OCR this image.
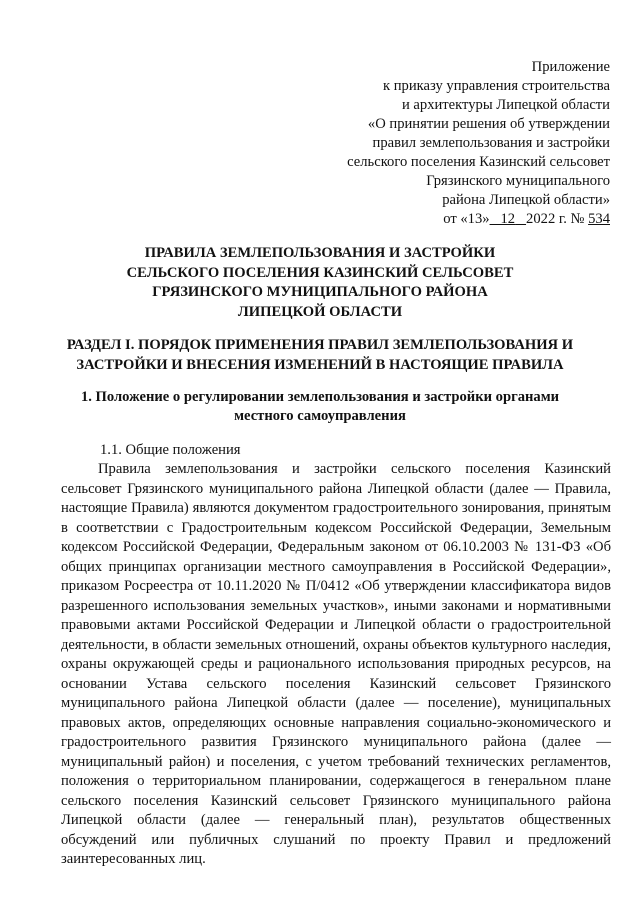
Приложение
к приказу управления строительства
и архитектуры Липецкой области
«О принятии решения об утверждении
правил землепользования и застройки
сельского поселения Казинский сельсовет
Грязинского муниципального
района Липецкой области»
от «13» 12 2022 г. № 534
ПРАВИЛА ЗЕМЛЕПОЛЬЗОВАНИЯ И ЗАСТРОЙКИ
СЕЛЬСКОГО ПОСЕЛЕНИЯ КАЗИНСКИЙ СЕЛЬСОВЕТ
ГРЯЗИНСКОГО МУНИЦИПАЛЬНОГО РАЙОНА
ЛИПЕЦКОЙ ОБЛАСТИ
РАЗДЕЛ I. ПОРЯДОК ПРИМЕНЕНИЯ ПРАВИЛ ЗЕМЛЕПОЛЬЗОВАНИЯ И
ЗАСТРОЙКИ И ВНЕСЕНИЯ ИЗМЕНЕНИЙ В НАСТОЯЩИЕ ПРАВИЛА
1. Положение о регулировании землепользования и застройки органами местного самоуправления
1.1. Общие положения
Правила землепользования и застройки сельского поселения Казинский сельсовет Грязинского муниципального района Липецкой области (далее — Правила, настоящие Правила) являются документом градостроительного зонирования, принятым в соответствии с Градостроительным кодексом Российской Федерации, Земельным кодексом Российской Федерации, Федеральным законом от 06.10.2003 № 131-ФЗ «Об общих принципах организации местного самоуправления в Российской Федерации», приказом Росреестра от 10.11.2020 № П/0412 «Об утверждении классификатора видов разрешенного использования земельных участков», иными законами и нормативными правовыми актами Российской Федерации и Липецкой области о градостроительной деятельности, в области земельных отношений, охраны объектов культурного наследия, охраны окружающей среды и рационального использования природных ресурсов, на основании Устава сельского поселения Казинский сельсовет Грязинского муниципального района Липецкой области (далее — поселение), муниципальных правовых актов, определяющих основные направления социально-экономического и градостроительного развития Грязинского муниципального района (далее — муниципальный район) и поселения, с учетом требований технических регламентов, положения о территориальном планировании, содержащегося в генеральном плане сельского поселения Казинский сельсовет Грязинского муниципального района Липецкой области (далее — генеральный план), результатов общественных обсуждений или публичных слушаний по проекту Правил и предложений заинтересованных лиц.
